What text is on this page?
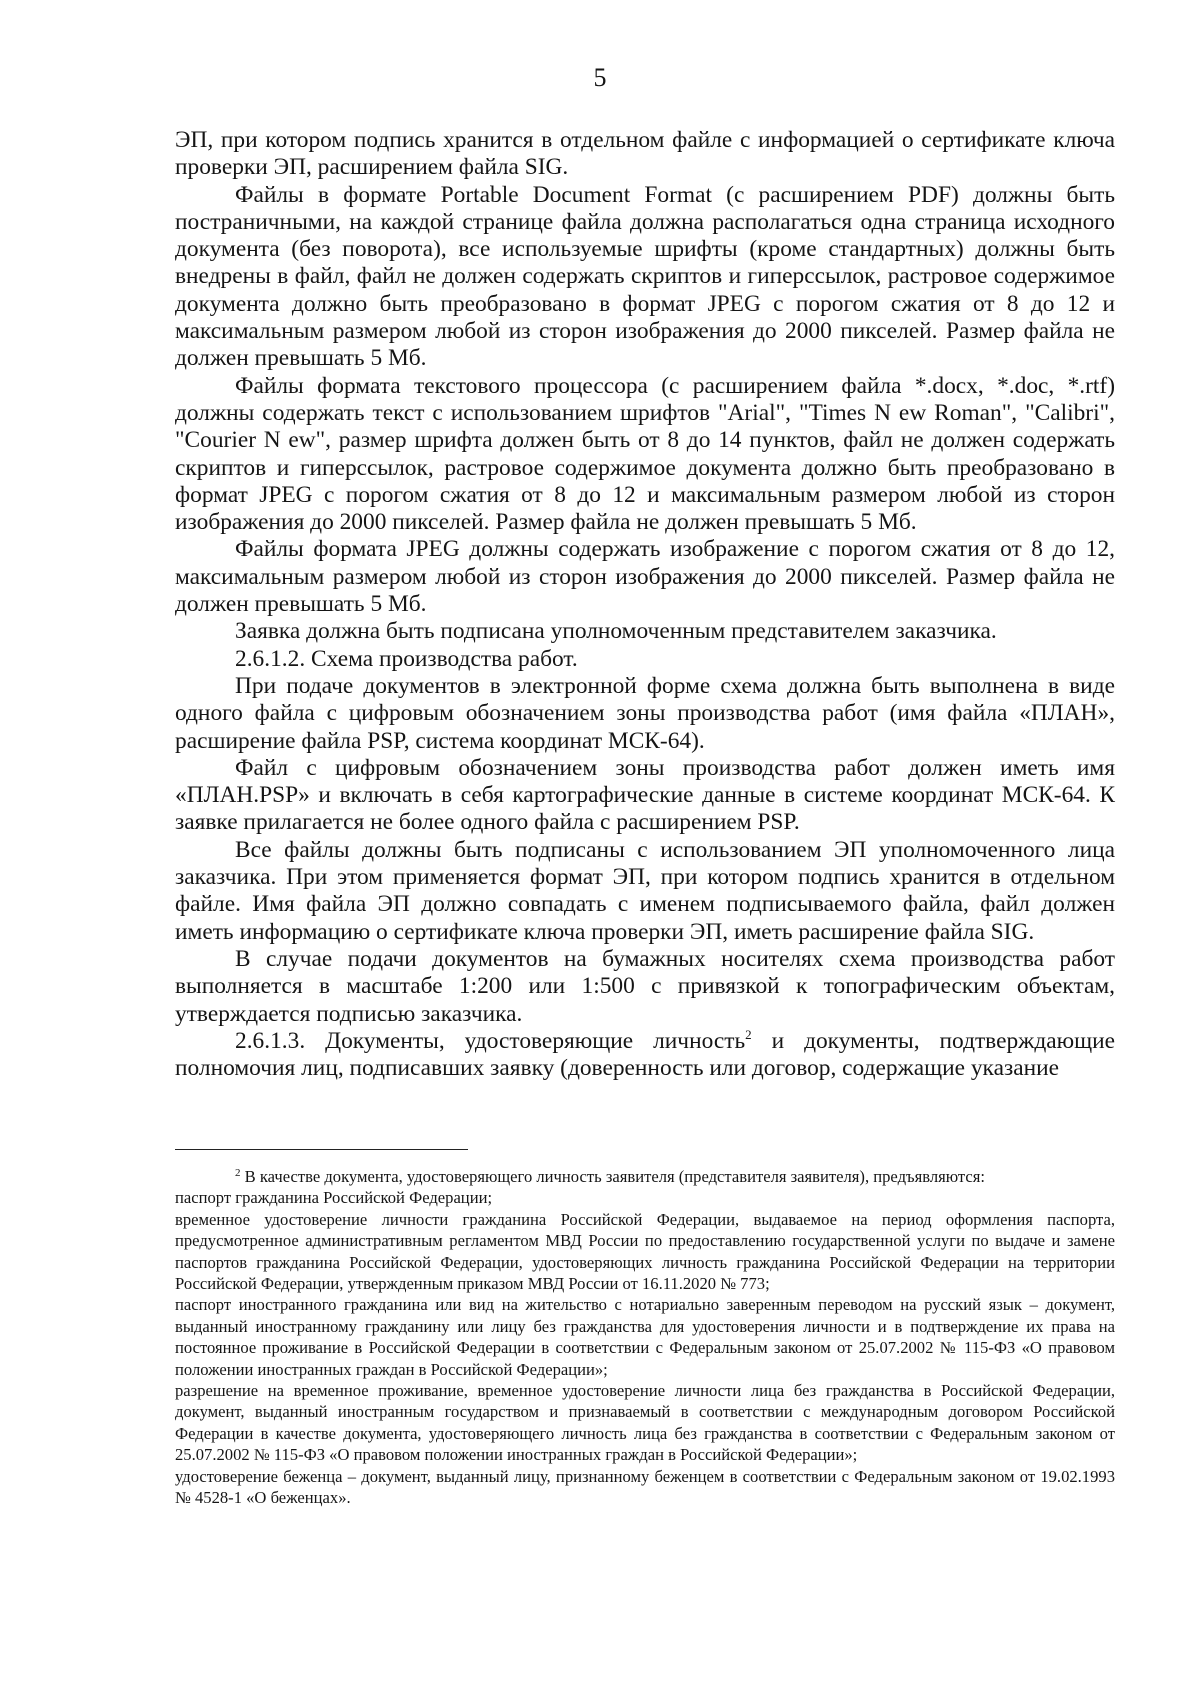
5

ЭП, при котором подпись хранится в отдельном файле с информацией о сертификате ключа проверки ЭП, расширением файла SIG.

Файлы в формате Portable Document Format (с расширением PDF) должны быть постраничными, на каждой странице файла должна располагаться одна страница исходного документа (без поворота), все используемые шрифты (кроме стандартных) должны быть внедрены в файл, файл не должен содержать скриптов и гиперссылок, растровое содержимое документа должно быть преобразовано в формат JPEG с порогом сжатия от 8 до 12 и максимальным размером любой из сторон изображения до 2000 пикселей. Размер файла не должен превышать 5 Мб.

Файлы формата текстового процессора (с расширением файла *.docx, *.doc, *.rtf) должны содержать текст с использованием шрифтов "Arial", "Times N ew Roman", "Calibri", "Courier N ew", размер шрифта должен быть от 8 до 14 пунктов, файл не должен содержать скриптов и гиперссылок, растровое содержимое документа должно быть преобразовано в формат JPEG с порогом сжатия от 8 до 12 и максимальным размером любой из сторон изображения до 2000 пикселей. Размер файла не должен превышать 5 Мб.

Файлы формата JPEG должны содержать изображение с порогом сжатия от 8 до 12, максимальным размером любой из сторон изображения до 2000 пикселей. Размер файла не должен превышать 5 Мб.

Заявка должна быть подписана уполномоченным представителем заказчика.

2.6.1.2. Схема производства работ.

При подаче документов в электронной форме схема должна быть выполнена в виде одного файла с цифровым обозначением зоны производства работ (имя файла «ПЛАН», расширение файла PSP, система координат МСК-64).

Файл с цифровым обозначением зоны производства работ должен иметь имя «ПЛАН.PSP» и включать в себя картографические данные в системе координат МСК-64. К заявке прилагается не более одного файла с расширением PSP.

Все файлы должны быть подписаны с использованием ЭП уполномоченного лица заказчика. При этом применяется формат ЭП, при котором подпись хранится в отдельном файле. Имя файла ЭП должно совпадать с именем подписываемого файла, файл должен иметь информацию о сертификате ключа проверки ЭП, иметь расширение файла SIG.

В случае подачи документов на бумажных носителях схема производства работ выполняется в масштабе 1:200 или 1:500 с привязкой к топографическим объектам, утверждается подписью заказчика.

2.6.1.3. Документы, удостоверяющие личность$^2$ и документы, подтверждающие полномочия лиц, подписавших заявку (доверенность или договор, содержащие указание

$^2$ В качестве документа, удостоверяющего личность заявителя (представителя заявителя), предъявляются:

паспорт гражданина Российской Федерации;

временное удостоверение личности гражданина Российской Федерации, выдаваемое на период оформления паспорта, предусмотренное административным регламентом МВД России по предоставлению государственной услуги по выдаче и замене паспортов гражданина Российской Федерации, удостоверяющих личность гражданина Российской Федерации на территории Российской Федерации, утвержденным приказом МВД России от 16.11.2020 № 773;

паспорт иностранного гражданина или вид на жительство с нотариально заверенным переводом на русский язык – документ, выданный иностранному гражданину или лицу без гражданства для удостоверения личности и в подтверждение их права на постоянное проживание в Российской Федерации в соответствии с Федеральным законом от 25.07.2002 № 115-ФЗ «О правовом положении иностранных граждан в Российской Федерации»;

разрешение на временное проживание, временное удостоверение личности лица без гражданства в Российской Федерации, документ, выданный иностранным государством и признаваемый в соответствии с международным договором Российской Федерации в качестве документа, удостоверяющего личность лица без гражданства в соответствии с Федеральным законом от 25.07.2002 № 115-ФЗ «О правовом положении иностранных граждан в Российской Федерации»;

удостоверение беженца – документ, выданный лицу, признанному беженцем в соответствии с Федеральным законом от 19.02.1993 № 4528-1 «О беженцах».
